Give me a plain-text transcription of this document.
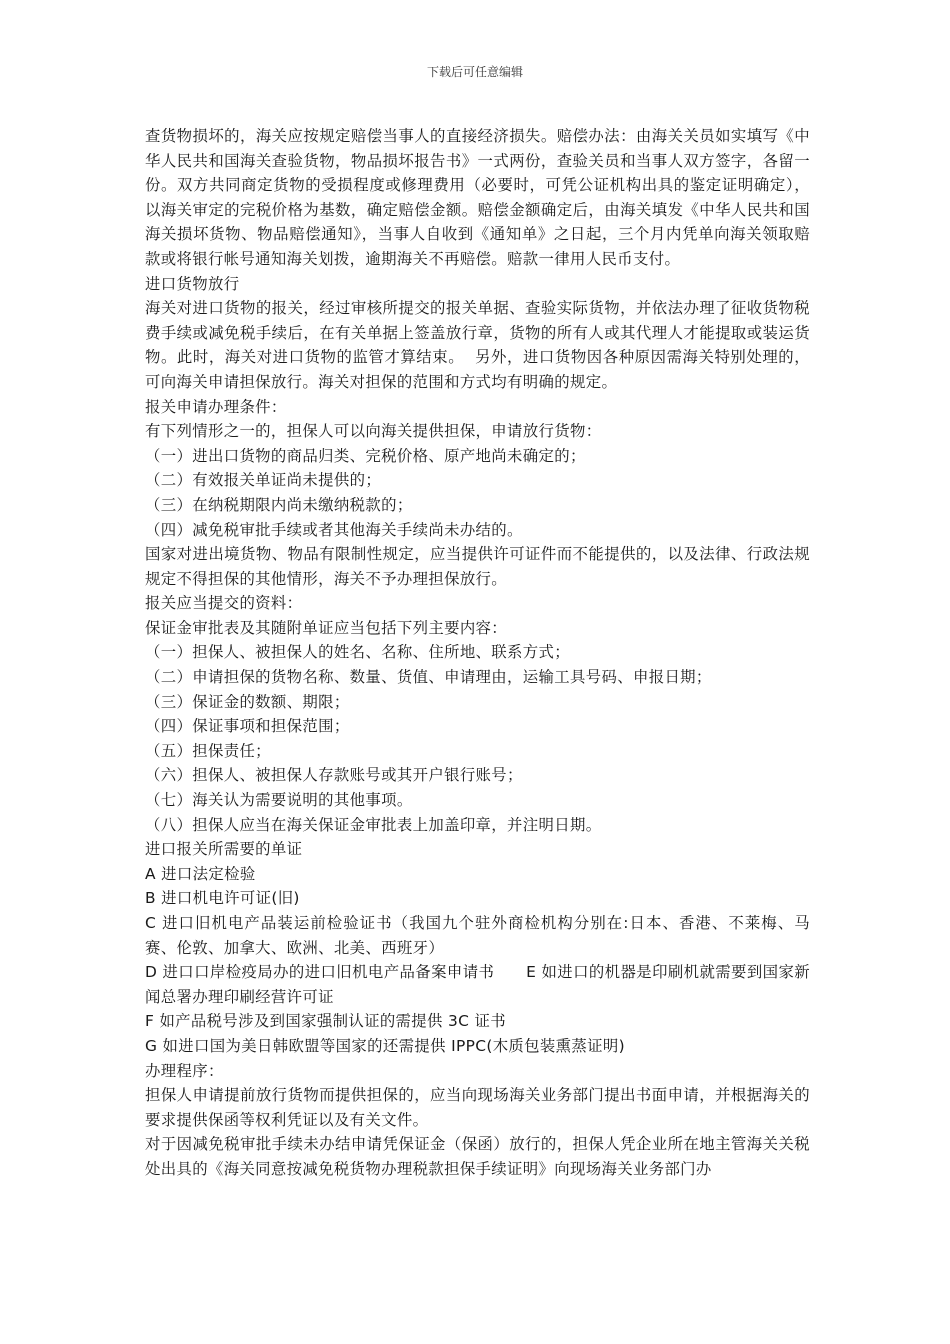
下载后可任意编辑

查货物损坏的，海关应按规定赔偿当事人的直接经济损失。赔偿办法：由海关关员如实填写《中华人民共和国海关查验货物，物品损坏报告书》一式两份，查验关员和当事人双方签字，各留一份。双方共同商定货物的受损程度或修理费用（必要时，可凭公证机构出具的鉴定证明确定），以海关审定的完税价格为基数，确定赔偿金额。赔偿金额确定后，由海关填发《中华人民共和国海关损坏货物、物品赔偿通知》，当事人自收到《通知单》之日起，三个月内凭单向海关领取赔款或将银行帐号通知海关划拨，逾期海关不再赔偿。赔款一律用人民币支付。

进口货物放行

海关对进口货物的报关，经过审核所提交的报关单据、查验实际货物，并依法办理了征收货物税费手续或减免税手续后，在有关单据上签盖放行章，货物的所有人或其代理人才能提取或装运货物。此时，海关对进口货物的监管才算结束。  另外，进口货物因各种原因需海关特别处理的，可向海关申请担保放行。海关对担保的范围和方式均有明确的规定。

报关申请办理条件：

有下列情形之一的，担保人可以向海关提供担保，申请放行货物：

（一）进出口货物的商品归类、完税价格、原产地尚未确定的；

（二）有效报关单证尚未提供的；

（三）在纳税期限内尚未缴纳税款的；

（四）减免税审批手续或者其他海关手续尚未办结的。

国家对进出境货物、物品有限制性规定，应当提供许可证件而不能提供的，以及法律、行政法规规定不得担保的其他情形，海关不予办理担保放行。

报关应当提交的资料：

保证金审批表及其随附单证应当包括下列主要内容：

（一）担保人、被担保人的姓名、名称、住所地、联系方式；

（二）申请担保的货物名称、数量、货值、申请理由，运输工具号码、申报日期；

（三）保证金的数额、期限；

（四）保证事项和担保范围；

（五）担保责任；

（六）担保人、被担保人存款账号或其开户银行账号；

（七）海关认为需要说明的其他事项。

（八）担保人应当在海关保证金审批表上加盖印章，并注明日期。

进口报关所需要的单证

A 进口法定检验

B 进口机电许可证(旧)

C 进口旧机电产品装运前检验证书（我国九个驻外商检机构分别在:日本、香港、不莱梅、马赛、伦敦、加拿大、欧洲、北美、西班牙）

D 进口口岸检疫局办的进口旧机电产品备案申请书      E 如进口的机器是印刷机就需要到国家新闻总署办理印刷经营许可证

F 如产品税号涉及到国家强制认证的需提供 3C 证书

G 如进口国为美日韩欧盟等国家的还需提供 IPPC(木质包装熏蒸证明)

办理程序：

担保人申请提前放行货物而提供担保的，应当向现场海关业务部门提出书面申请，并根据海关的要求提供保函等权利凭证以及有关文件。

对于因减免税审批手续未办结申请凭保证金（保函）放行的，担保人凭企业所在地主管海关关税处出具的《海关同意按减免税货物办理税款担保手续证明》向现场海关业务部门办
